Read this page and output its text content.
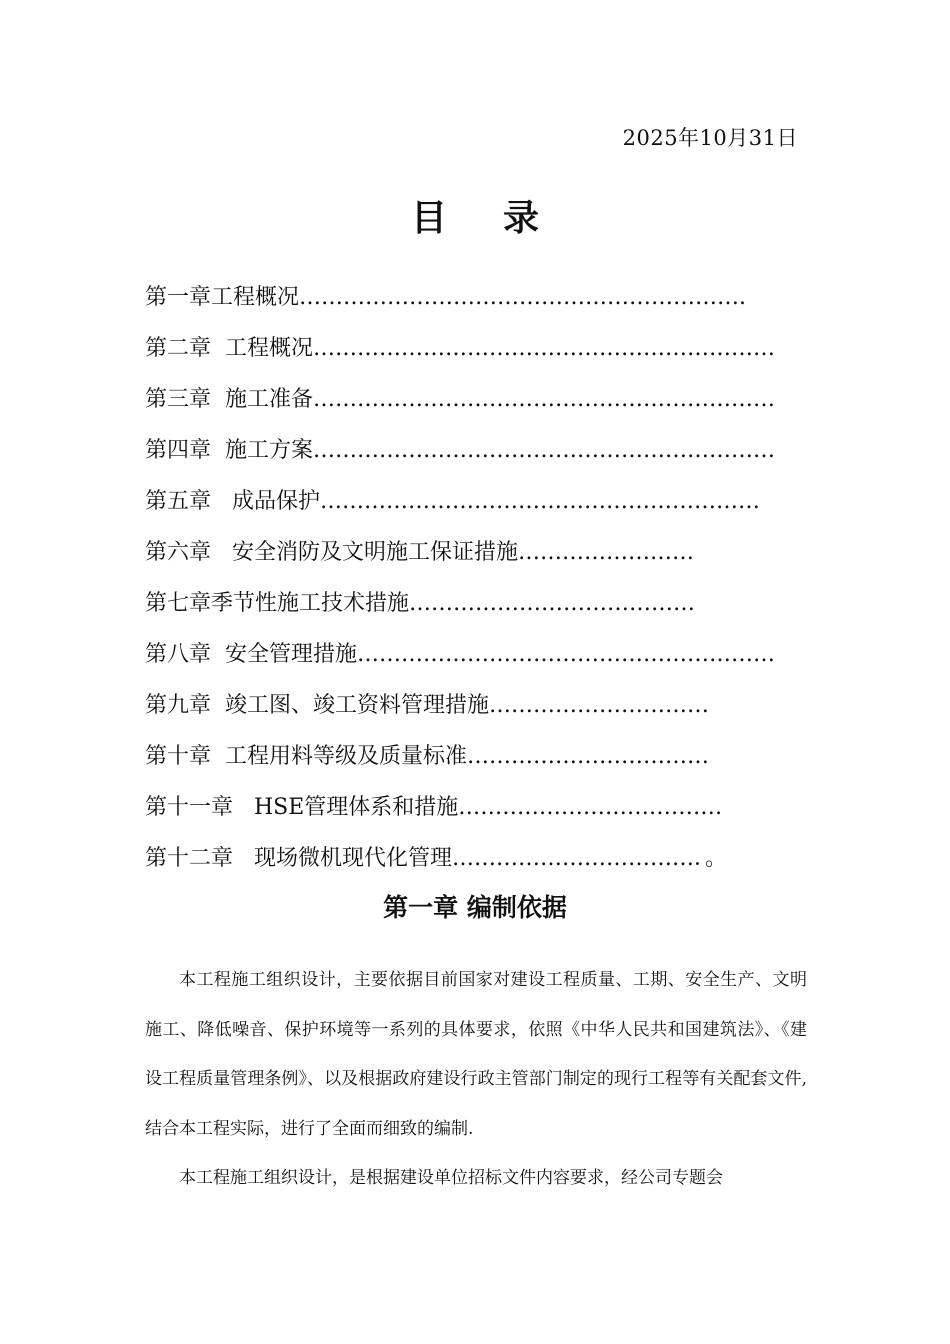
2025年10月31日
目录
第一章工程概况…………………………………………………….
第二章  工程概况………………………………………………………
第三章  施工准备………………………………………………………
第四章  施工方案………………………………………………………
第五章   成品保护……………………………………………………
第六章   安全消防及文明施工保证措施……………………
第七章季节性施工技术措施…………………………………
第八章  安全管理措施…………………………………………………
第九章  竣工图、竣工资料管理措施…………………………
第十章  工程用料等级及质量标准……………………………
第十一章   HSE管理体系和措施………………………………
第十二章   现场微机现代化管理……………………………．。
第一章 编制依据

本工程施工组织设计，主要依据目前国家对建设工程质量、工期、安全生产、文明施工、降低噪音、保护环境等一系列的具体要求，依照《中华人民共和国建筑法》、《建设工程质量管理条例》、以及根据政府建设行政主管部门制定的现行工程等有关配套文件,结合本工程实际，进行了全面而细致的编制.

本工程施工组织设计，是根据建设单位招标文件内容要求，经公司专题会
